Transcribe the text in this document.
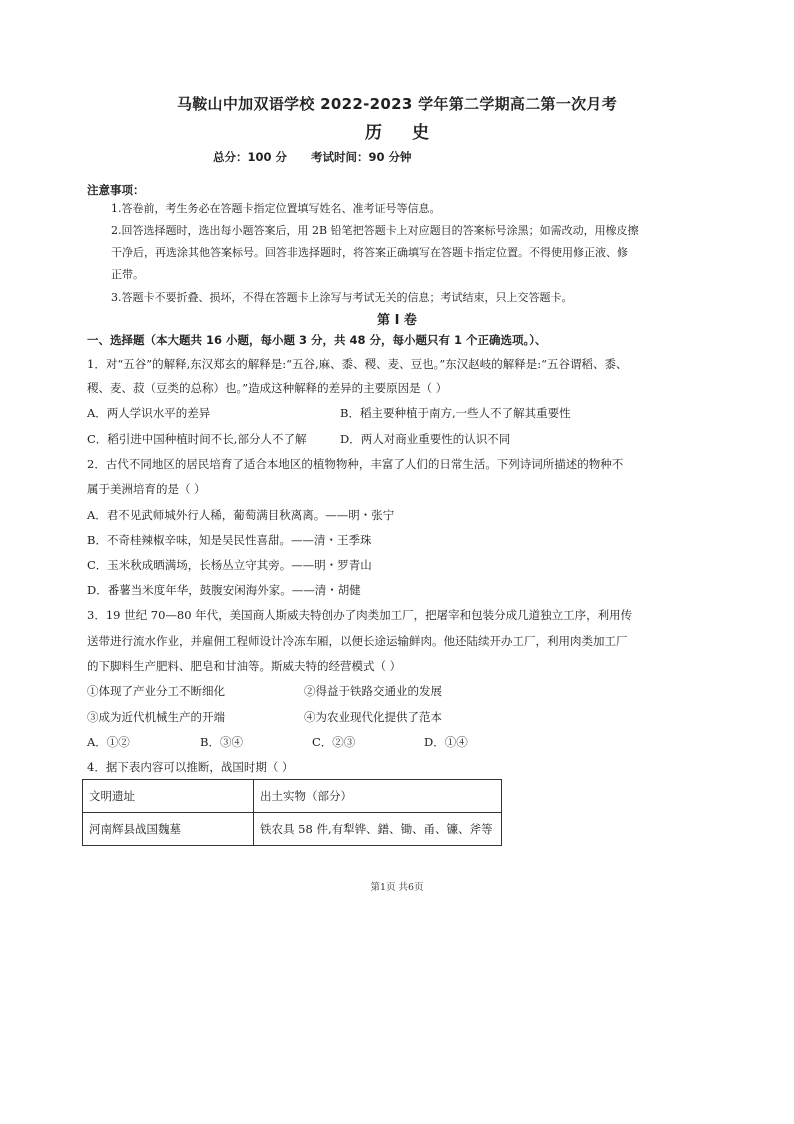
马鞍山中加双语学校 2022-2023 学年第二学期高二第一次月考
历 史
总分：100 分 考试时间：90 分钟
注意事项：
1.答卷前，考生务必在答题卡指定位置填写姓名、准考证号等信息。
2.回答选择题时，选出每小题答案后，用 2B 铅笔把答题卡上对应题目的答案标号涂黑；如需改动，用橡皮擦
干净后，再选涂其他答案标号。回答非选择题时，将答案正确填写在答题卡指定位置。不得使用修正液、修
正带。
3.答题卡不要折叠、损坏，不得在答题卡上涂写与考试无关的信息；考试结束，只上交答题卡。
第 I 卷
一、选择题（本大题共 16 小题，每小题 3 分，共 48 分，每小题只有 1 个正确选项。）、
1．对“五谷”的解释,东汉郑玄的解释是:“五谷,麻、黍、稷、麦、豆也。”东汉赵岐的解释是:“五谷谓稻、黍、
稷、麦、菽（豆类的总称）也。”造成这种解释的差异的主要原因是（ ）
A．两人学识水平的差异	B．稻主要种植于南方,一些人不了解其重要性
C．稻引进中国种植时间不长,部分人不了解	D．两人对商业重要性的认识不同
2．古代不同地区的居民培育了适合本地区的植物物种，丰富了人们的日常生活。下列诗词所描述的物种不
属于美洲培育的是（ ）
A．君不见武师城外行人稀，葡萄满目秋离离。——明・张宁
B．不奇桂辣椒辛味，知是吴民性喜甜。——清・王季珠
C．玉米秋成晒满场，长杨丛立守其旁。——明・罗青山
D．番薯当米度年华，鼓腹安闲海外家。——清・胡健
3．19 世纪 70—80 年代，美国商人斯威夫特创办了肉类加工厂，把屠宰和包装分成几道独立工序，利用传
送带进行流水作业，并雇佣工程师设计冷冻车厢，以便长途运输鲜肉。他还陆续开办工厂，利用肉类加工厂
的下脚料生产肥料、肥皂和甘油等。斯威夫特的经营模式（ ）
①体现了产业分工不断细化	②得益于铁路交通业的发展
③成为近代机械生产的开端	④为农业现代化提供了范本
A．①②	B．③④	C．②③	D．①④
4．据下表内容可以推断，战国时期（ ）
文明遗址	出土实物（部分）
河南辉县战国魏墓	铁农具 58 件,有犁铧、鐠、锄、甬、镰、斧等
第1页 共6页
